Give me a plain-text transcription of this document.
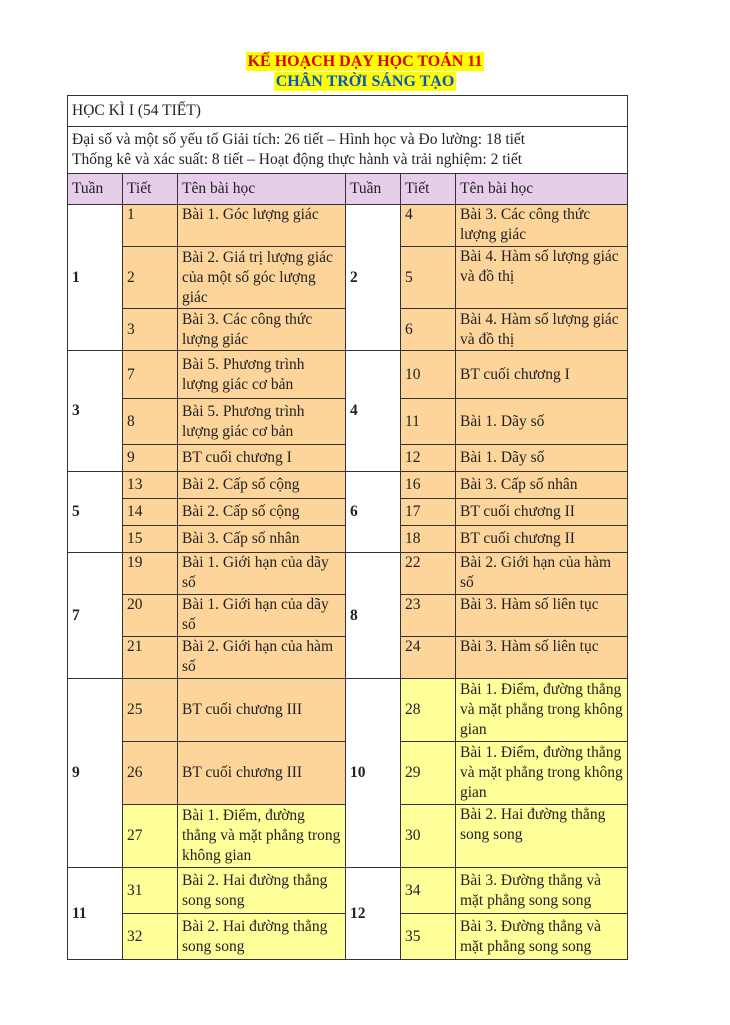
KẾ HOẠCH DẠY HỌC TOÁN 11
CHÂN TRỜI SÁNG TẠO
HỌC KÌ I (54 TIẾT)					

Đại số và một số yếu tố Giải tích: 26 tiết – Hình học và Đo lường: 18 tiết
Thống kê và xác suất: 8 tiết – Hoạt động thực hành và trải nghiệm: 2 tiết					

Tuần	Tiết	Tên bài học	Tuần	Tiết	Tên bài học
1	1	Bài 1. Góc lượng giác	2	4	Bài 3. Các công thức lượng giác
	2	Bài 2. Giá trị lượng giác của một số góc lượng giác		5	Bài 4. Hàm số lượng giác và đồ thị
	3	Bài 3. Các công thức lượng giác		6	Bài 4. Hàm số lượng giác và đồ thị
3	7	Bài 5. Phương trình lượng giác cơ bản	4	10	BT cuối chương I
	8	Bài 5. Phương trình lượng giác cơ bản		11	Bài 1. Dãy số
	9	BT cuối chương I		12	Bài 1. Dãy số
5	13	Bài 2. Cấp số cộng	6	16	Bài 3. Cấp số nhân
	14	Bài 2. Cấp số cộng		17	BT cuối chương II
	15	Bài 3. Cấp số nhân		18	BT cuối chương II
7	19	Bài 1. Giới hạn của dãy số	8	22	Bài 2. Giới hạn của hàm số
	20	Bài 1. Giới hạn của dãy số		23	Bài 3. Hàm số liên tục
	21	Bài 2. Giới hạn của hàm số		24	Bài 3. Hàm số liên tục
9	25	BT cuối chương III	10	28	Bài 1. Điểm, đường thẳng và mặt phẳng trong không gian
	26	BT cuối chương III		29	Bài 1. Điểm, đường thẳng và mặt phẳng trong không gian
	27	Bài 1. Điểm, đường thẳng và mặt phẳng trong không gian		30	Bài 2. Hai đường thẳng song song
11	31	Bài 2. Hai đường thẳng song song	12	34	Bài 3. Đường thẳng và mặt phẳng song song
	32	Bài 2. Hai đường thẳng song song		35	Bài 3. Đường thẳng và mặt phẳng song song
